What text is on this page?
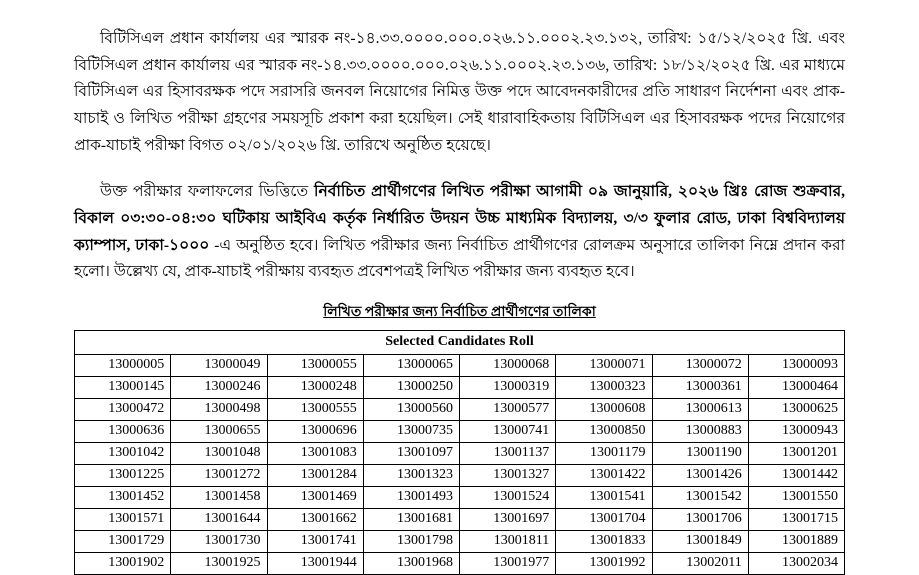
বিটিসিএল প্রধান কার্যালয় এর স্মারক নং-১৪.৩৩.০০০০.০০০.০২৬.১১.০০০২.২৩.১৩২, তারিখ: ১৫/১২/২০২৫ খ্রি. এবং বিটিসিএল প্রধান কার্যালয় এর স্মারক নং-১৪.৩৩.০০০০.০০০.০২৬.১১.০০০২.২৩.১৩৬, তারিখ: ১৮/১২/২০২৫ খ্রি. এর মাধ্যমে বিটিসিএল এর হিসাবরক্ষক পদে সরাসরি জনবল নিয়োগের নিমিত্ত উক্ত পদে আবেদনকারীদের প্রতি সাধারণ নির্দেশনা এবং প্রাক-যাচাই ও লিখিত পরীক্ষা গ্রহণের সময়সূচি প্রকাশ করা হয়েছিল। সেই ধারাবাহিকতায় বিটিসিএল এর হিসাবরক্ষক পদের নিয়োগের প্রাক-যাচাই পরীক্ষা বিগত ০২/০১/২০২৬ খ্রি. তারিখে অনুষ্ঠিত হয়েছে।

উক্ত পরীক্ষার ফলাফলের ভিত্তিতে নির্বাচিত প্রার্থীগণের লিখিত পরীক্ষা আগামী ০৯ জানুয়ারি, ২০২৬ খ্রিঃ রোজ শুক্রবার, বিকাল ০৩:৩০-০৪:৩০ ঘটিকায় আইবিএ কর্তৃক নির্ধারিত উদয়ন উচ্চ মাধ্যমিক বিদ্যালয়, ৩/৩ ফুলার রোড, ঢাকা বিশ্ববিদ্যালয় ক্যাম্পাস, ঢাকা-১০০০ -এ অনুষ্ঠিত হবে। লিখিত পরীক্ষার জন্য নির্বাচিত প্রার্থীগণের রোলক্রম অনুসারে তালিকা নিম্নে প্রদান করা হলো। উল্লেখ্য যে, প্রাক-যাচাই পরীক্ষায় ব্যবহৃত প্রবেশপত্রই লিখিত পরীক্ষার জন্য ব্যবহৃত হবে।

লিখিত পরীক্ষার জন্য নির্বাচিত প্রার্থীগণের তালিকা
Selected Candidates Roll							
13000005	13000049	13000055	13000065	13000068	13000071	13000072	13000093
13000145	13000246	13000248	13000250	13000319	13000323	13000361	13000464
13000472	13000498	13000555	13000560	13000577	13000608	13000613	13000625
13000636	13000655	13000696	13000735	13000741	13000850	13000883	13000943
13001042	13001048	13001083	13001097	13001137	13001179	13001190	13001201
13001225	13001272	13001284	13001323	13001327	13001422	13001426	13001442
13001452	13001458	13001469	13001493	13001524	13001541	13001542	13001550
13001571	13001644	13001662	13001681	13001697	13001704	13001706	13001715
13001729	13001730	13001741	13001798	13001811	13001833	13001849	13001889
13001902	13001925	13001944	13001968	13001977	13001992	13002011	13002034
